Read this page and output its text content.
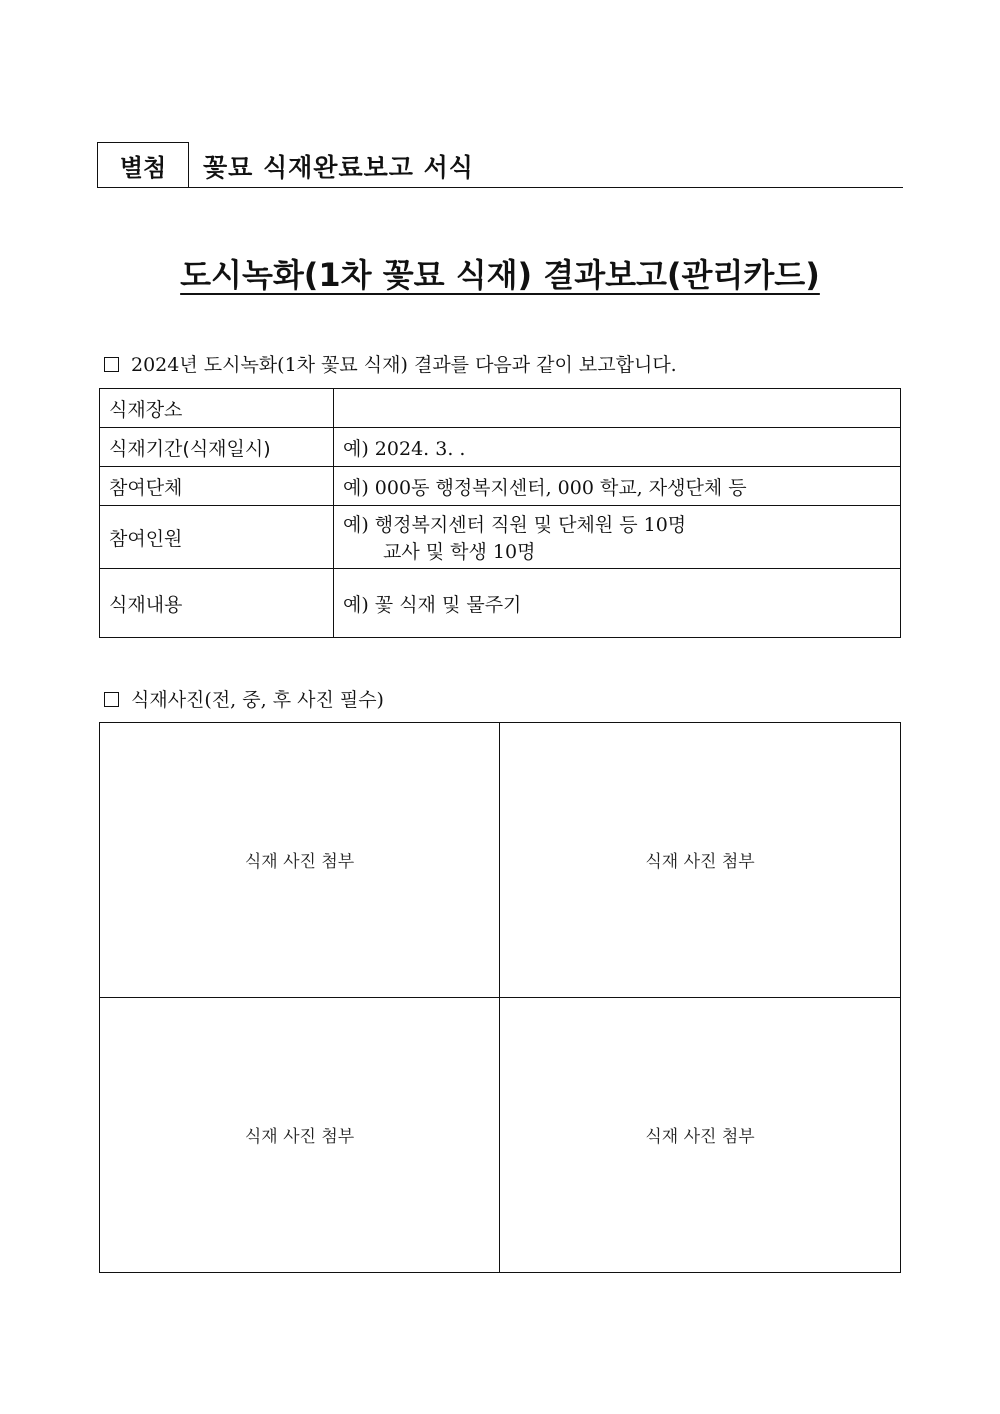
별첨	꽃묘 식재완료보고 서식
도시녹화(1차 꽃묘 식재) 결과보고(관리카드)
2024년 도시녹화(1차 꽃묘 식재) 결과를 다음과 같이 보고합니다.
식재장소	
식재기간(식재일시)	예) 2024. 3. .
참여단체	예) 000동 행정복지센터, 000 학교, 자생단체 등
참여인원	예) 행정복지센터 직원 및 단체원 등 10명
교사 및 학생 10명

식재내용	예) 꽃 식재 및 물주기
식재사진(전, 중, 후 사진 필수)
식재 사진 첨부	식재 사진 첨부
식재 사진 첨부	식재 사진 첨부
